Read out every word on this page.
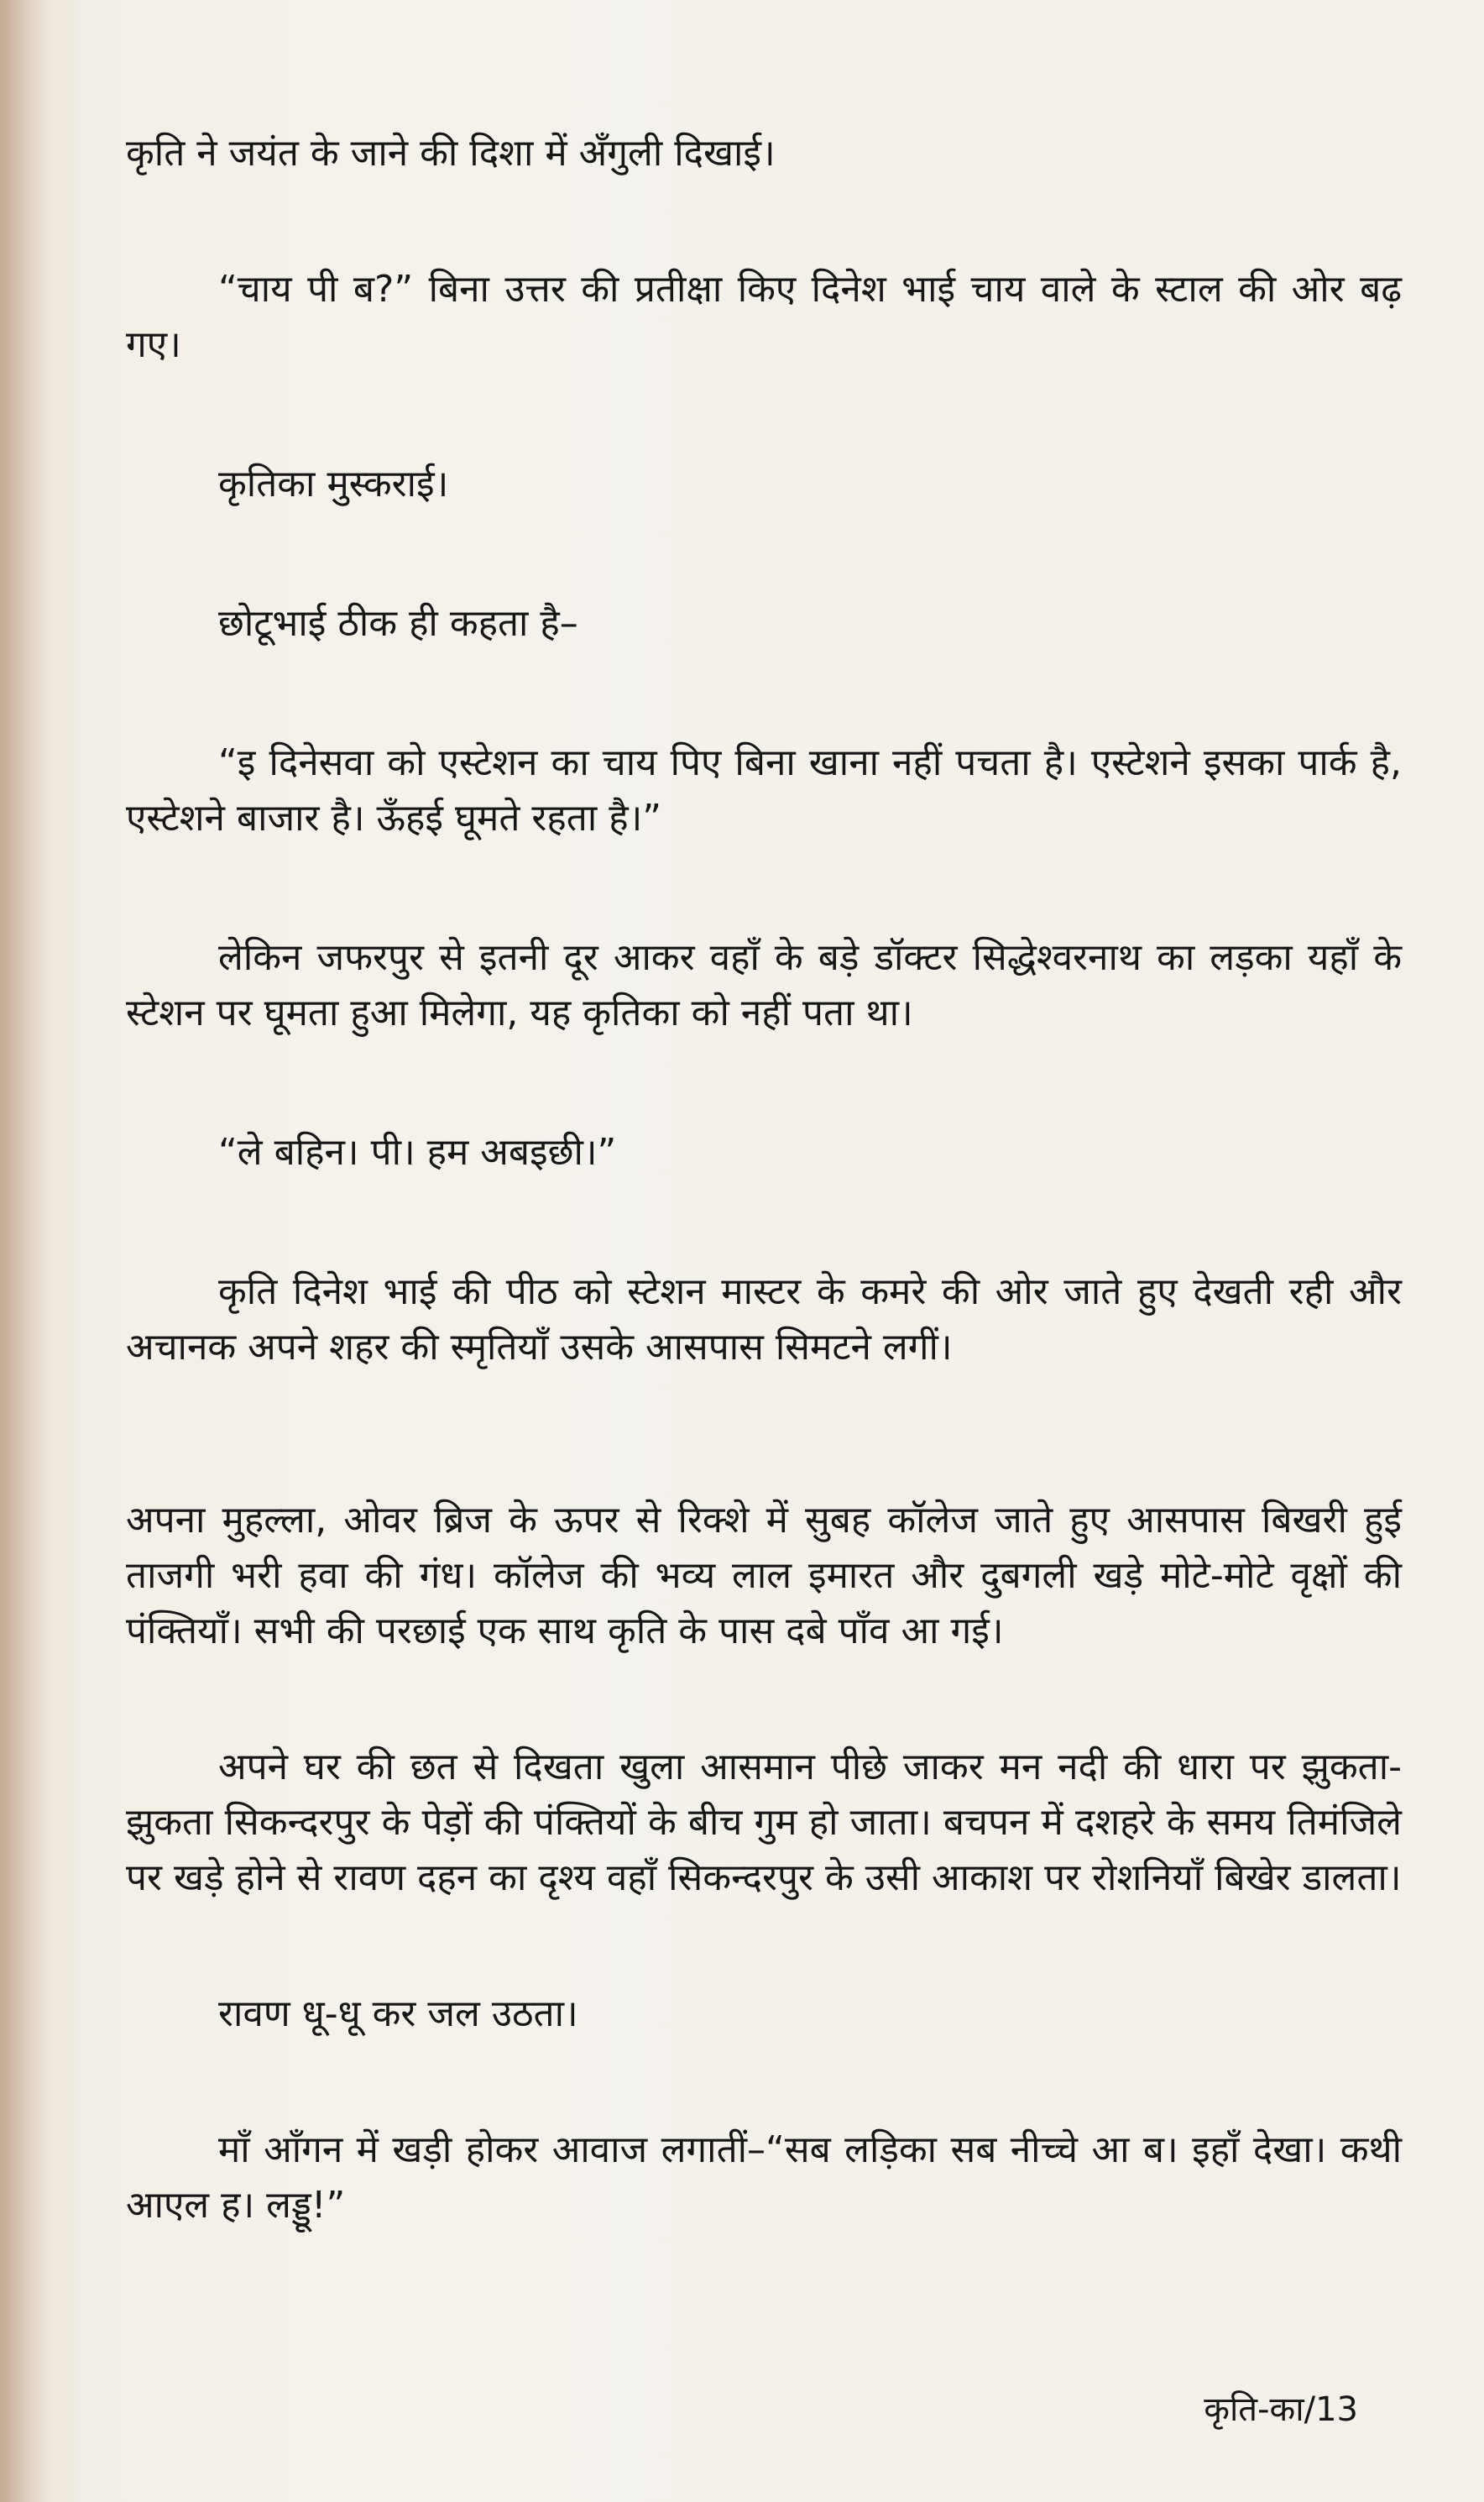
कृति ने जयंत के जाने की दिशा में अँगुली दिखाई।

“चाय पी ब?” बिना उत्तर की प्रतीक्षा किए दिनेश भाई चाय वाले के स्टाल की ओर बढ़ गए।

कृतिका मुस्कराई।

छोटूभाई ठीक ही कहता है–

“इ दिनेसवा को एस्टेशन का चाय पिए बिना खाना नहीं पचता है। एस्टेशने इसका पार्क है, एस्टेशने बाजार है। ऊँहई घूमते रहता है।”

लेकिन जफरपुर से इतनी दूर आकर वहाँ के बड़े डॉक्टर सिद्धेश्वरनाथ का लड़का यहाँ के स्टेशन पर घूमता हुआ मिलेगा, यह कृतिका को नहीं पता था।

“ले बहिन। पी। हम अबइछी।”

कृति दिनेश भाई की पीठ को स्टेशन मास्टर के कमरे की ओर जाते हुए देखती रही और अचानक अपने शहर की स्मृतियाँ उसके आसपास सिमटने लगीं।

अपना मुहल्ला, ओवर ब्रिज के ऊपर से रिक्शे में सुबह कॉलेज जाते हुए आसपास बिखरी हुई ताजगी भरी हवा की गंध। कॉलेज की भव्य लाल इमारत और दुबगली खड़े मोटे-मोटे वृक्षों की पंक्तियाँ। सभी की परछाई एक साथ कृति के पास दबे पाँव आ गई।

अपने घर की छत से दिखता खुला आसमान पीछे जाकर मन नदी की धारा पर झुकता-झुकता सिकन्दरपुर के पेड़ों की पंक्तियों के बीच गुम हो जाता। बचपन में दशहरे के समय तिमंजिले पर खड़े होने से रावण दहन का दृश्य वहाँ सिकन्दरपुर के उसी आकाश पर रोशनियाँ बिखेर डालता।

रावण धू-धू कर जल उठता।

माँ आँगन में खड़ी होकर आवाज लगातीं–“सब लड़िका सब नीच्चे आ ब। इहाँ देखा। कथी आएल ह। लड्डू!”

कृति-का/13
